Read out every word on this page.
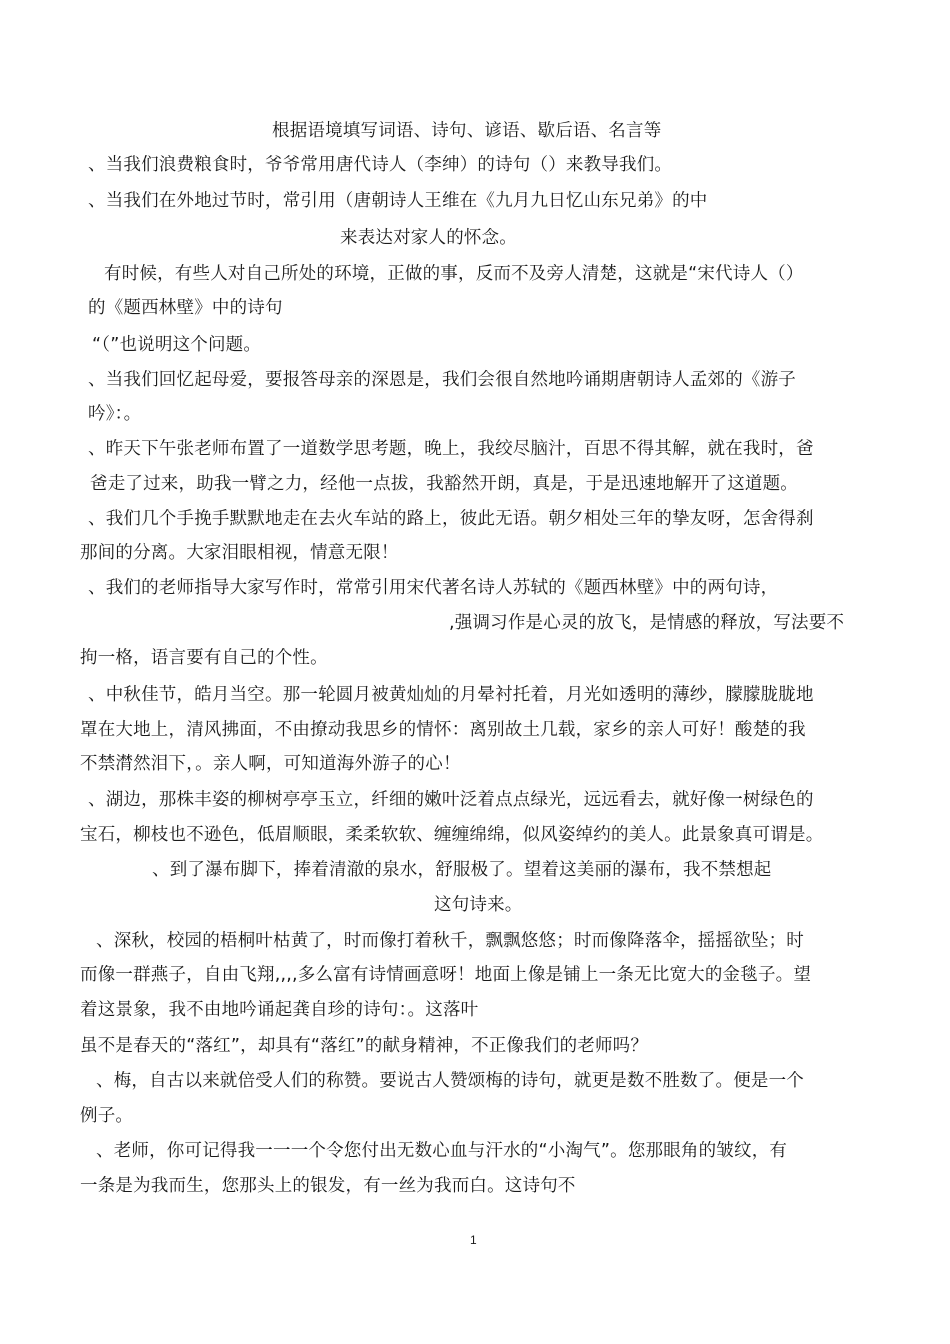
根据语境填写词语、诗句、谚语、歇后语、名言等
、当我们浪费粮食时，爷爷常用唐代诗人（李绅）的诗句（）来教导我们。
、当我们在外地过节时，常引用（唐朝诗人王维在《九月九日忆山东兄弟》的中
来表达对家人的怀念。
有时候，有些人对自己所处的环境，正做的事，反而不及旁人清楚，这就是“宋代诗人（）
的《题西林壁》中的诗句
“（”也说明这个问题。
、当我们回忆起母爱，要报答母亲的深恩是，我们会很自然地吟诵期唐朝诗人孟郊的《游子
吟》：。
、昨天下午张老师布置了一道数学思考题，晚上，我绞尽脑汁，百思不得其解，就在我时，爸
爸走了过来，助我一臂之力，经他一点拔，我豁然开朗，真是，于是迅速地解开了这道题。
、我们几个手挽手默默地走在去火车站的路上，彼此无语。朝夕相处三年的挚友呀，怎舍得刹
那间的分离。大家泪眼相视，情意无限！
、我们的老师指导大家写作时，常常引用宋代著名诗人苏轼的《题西林壁》中的两句诗，
,强调习作是心灵的放飞，是情感的释放，写法要不
拘一格，语言要有自己的个性。
、中秋佳节，皓月当空。那一轮圆月被黄灿灿的月晕衬托着，月光如透明的薄纱，朦朦胧胧地
罩在大地上，清风拂面，不由撩动我思乡的情怀：离别故土几载，家乡的亲人可好！酸楚的我
不禁潸然泪下，。亲人啊，可知道海外游子的心！
、湖边，那株丰姿的柳树亭亭玉立，纤细的嫩叶泛着点点绿光，远远看去，就好像一树绿色的
宝石，柳枝也不逊色，低眉顺眼，柔柔软软、缠缠绵绵，似风姿绰约的美人。此景象真可谓是。
、到了瀑布脚下，捧着清澈的泉水，舒服极了。望着这美丽的瀑布，我不禁想起
这句诗来。
、深秋，校园的梧桐叶枯黄了，时而像打着秋千，飘飘悠悠；时而像降落伞，摇摇欲坠；时
而像一群燕子，自由飞翔,,,,多么富有诗情画意呀！地面上像是铺上一条无比宽大的金毯子。望
着这景象，我不由地吟诵起龚自珍的诗句：。这落叶
虽不是春天的“落红”，却具有“落红”的献身精神，不正像我们的老师吗？
、梅，自古以来就倍受人们的称赞。要说古人赞颂梅的诗句，就更是数不胜数了。便是一个
例子。
、老师，你可记得我一一一个令您付出无数心血与汗水的“小淘气”。您那眼角的皱纹，有
一条是为我而生，您那头上的银发，有一丝为我而白。这诗句不
1
